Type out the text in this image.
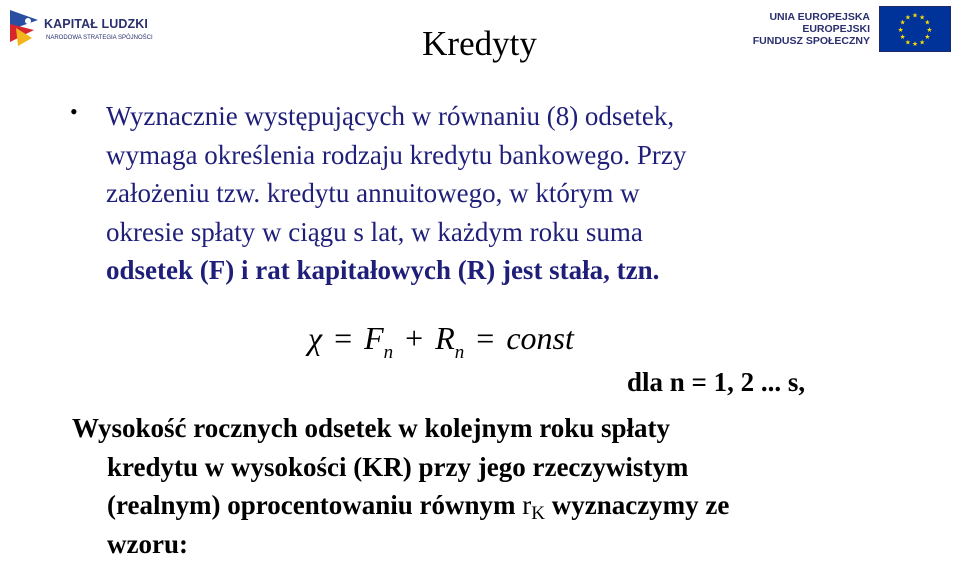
KAPITAŁ LUDZKI
NARODOWA STRATEGIA SPÓJNOŚCI
UNIA EUROPEJSKA
EUROPEJSKI
FUNDUSZ SPOŁECZNY
★ ★
★
★
★
★
★
★
★
★
★
★
Kredyty
• Wyznacznie występujących w równaniu (8) odsetek,
wymaga określenia rodzaju kredytu bankowego. Przy
założeniu tzw. kredytu annuitowego, w którym w
okresie spłaty w ciągu s lat, w każdym roku suma
odsetek (F) i rat kapitałowych (R) jest stała, tzn.
$\chi = F_n + R_n$ = const
dla n = 1, 2 ... s,
Wysokość rocznych odsetek w kolejnym roku spłaty
kredytu w wysokości (KR) przy jego rzeczywistym
(realnym) oprocentowaniu równym $r_K$ wyznaczymy ze
wzoru:
